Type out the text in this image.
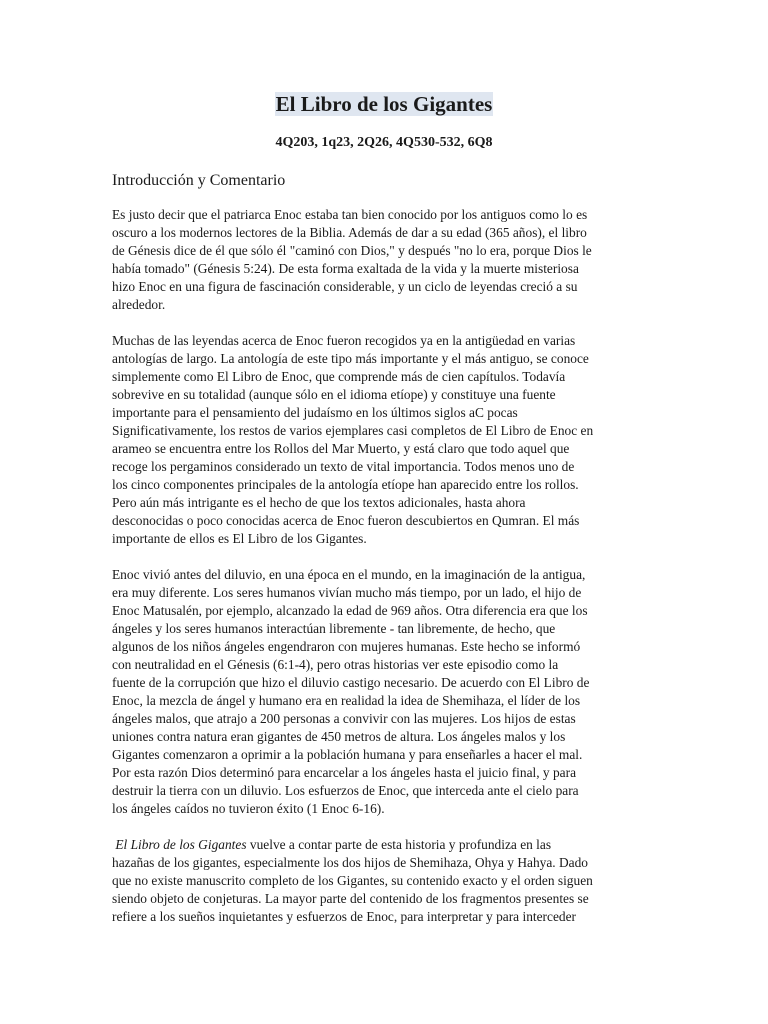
El Libro de los Gigantes
4Q203, 1q23, 2Q26, 4Q530-532, 6Q8
Introducción y Comentario
Es justo decir que el patriarca Enoc estaba tan bien conocido por los antiguos como lo es
oscuro a los modernos lectores de la Biblia. Además de dar a su edad (365 años), el libro
de Génesis dice de él que sólo él "caminó con Dios," y después "no lo era, porque Dios le
había tomado" (Génesis 5:24). De esta forma exaltada de la vida y la muerte misteriosa
hizo Enoc en una figura de fascinación considerable, y un ciclo de leyendas creció a su
alrededor.
Muchas de las leyendas acerca de Enoc fueron recogidos ya en la antigüedad en varias
antologías de largo. La antología de este tipo más importante y el más antiguo, se conoce
simplemente como El Libro de Enoc, que comprende más de cien capítulos. Todavía
sobrevive en su totalidad (aunque sólo en el idioma etíope) y constituye una fuente
importante para el pensamiento del judaísmo en los últimos siglos aC pocas
Significativamente, los restos de varios ejemplares casi completos de El Libro de Enoc en
arameo se encuentra entre los Rollos del Mar Muerto, y está claro que todo aquel que
recoge los pergaminos considerado un texto de vital importancia. Todos menos uno de
los cinco componentes principales de la antología etíope han aparecido entre los rollos.
Pero aún más intrigante es el hecho de que los textos adicionales, hasta ahora
desconocidas o poco conocidas acerca de Enoc fueron descubiertos en Qumran. El más
importante de ellos es El Libro de los Gigantes.
Enoc vivió antes del diluvio, en una época en el mundo, en la imaginación de la antigua,
era muy diferente. Los seres humanos vivían mucho más tiempo, por un lado, el hijo de
Enoc Matusalén, por ejemplo, alcanzado la edad de 969 años. Otra diferencia era que los
ángeles y los seres humanos interactúan libremente - tan libremente, de hecho, que
algunos de los niños ángeles engendraron con mujeres humanas. Este hecho se informó
con neutralidad en el Génesis (6:1-4), pero otras historias ver este episodio como la
fuente de la corrupción que hizo el diluvio castigo necesario. De acuerdo con El Libro de
Enoc, la mezcla de ángel y humano era en realidad la idea de Shemihaza, el líder de los
ángeles malos, que atrajo a 200 personas a convivir con las mujeres. Los hijos de estas
uniones contra natura eran gigantes de 450 metros de altura. Los ángeles malos y los
Gigantes comenzaron a oprimir a la población humana y para enseñarles a hacer el mal.
Por esta razón Dios determinó para encarcelar a los ángeles hasta el juicio final, y para
destruir la tierra con un diluvio. Los esfuerzos de Enoc, que interceda ante el cielo para
los ángeles caídos no tuvieron éxito (1 Enoc 6-16).
El Libro de los Gigantes vuelve a contar parte de esta historia y profundiza en las
hazañas de los gigantes, especialmente los dos hijos de Shemihaza, Ohya y Hahya. Dado
que no existe manuscrito completo de los Gigantes, su contenido exacto y el orden siguen
siendo objeto de conjeturas. La mayor parte del contenido de los fragmentos presentes se
refiere a los sueños inquietantes y esfuerzos de Enoc, para interpretar y para interceder
